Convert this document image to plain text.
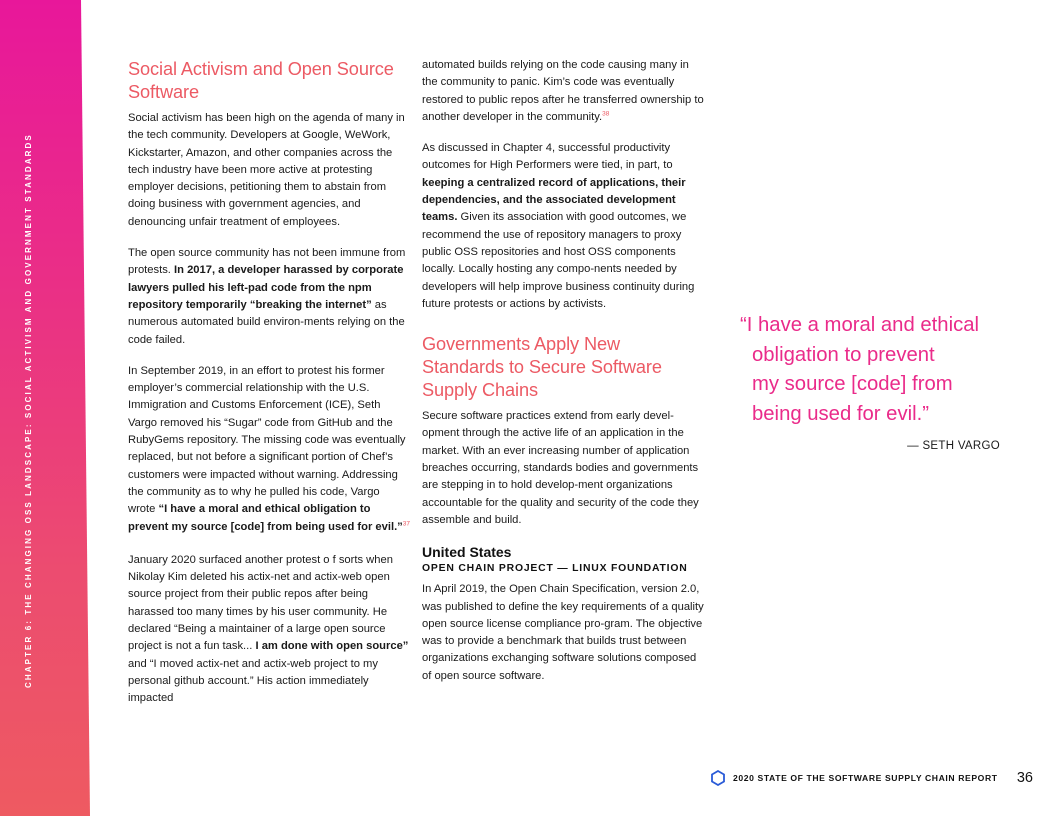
CHAPTER 6: THE CHANGING OSS LANDSCAPE: SOCIAL ACTIVISM AND GOVERNMENT STANDARDS
Social Activism and Open Source Software

Social activism has been high on the agenda of many in the tech community. Developers at Google, WeWork, Kickstarter, Amazon, and other companies across the tech industry have been more active at protesting employer decisions, petitioning them to abstain from doing business with government agencies, and denouncing unfair treatment of employees.

The open source community has not been immune from protests. In 2017, a developer harassed by corporate lawyers pulled his left-pad code from the npm repository temporarily “breaking the internet” as numerous automated build environ-ments relying on the code failed.

In September 2019, in an effort to protest his former employer’s commercial relationship with the U.S. Immigration and Customs Enforcement (ICE), Seth Vargo removed his “Sugar” code from GitHub and the RubyGems repository. The missing code was eventually replaced, but not before a significant portion of Chef’s customers were impacted without warning. Addressing the community as to why he pulled his code, Vargo wrote “I have a moral and ethical obligation to prevent my source [code] from being used for evil.”$^{37}$

January 2020 surfaced another protest o f sorts when Nikolay Kim deleted his actix-net and actix-web open source project from their public repos after being harassed too many times by his user community. He declared “Being a maintainer of a large open source project is not a fun task... I am done with open source” and “I moved actix-net and actix-web project to my personal github account.” His action immediately impacted

automated builds relying on the code causing many in the community to panic. Kim’s code was eventually restored to public repos after he transferred ownership to another developer in the community.$^{38}$

As discussed in Chapter 4, successful productivity outcomes for High Performers were tied, in part, to keeping a centralized record of applications, their dependencies, and the associated development teams. Given its association with good outcomes, we recommend the use of repository managers to proxy public OSS repositories and host OSS components locally. Locally hosting any compo-nents needed by developers will help improve business continuity during future protests or actions by activists.

Governments Apply New Standards to Secure Software Supply Chains

Secure software practices extend from early devel-opment through the active life of an application in the market. With an ever increasing number of application breaches occurring, standards bodies and governments are stepping in to hold develop-ment organizations accountable for the quality and security of the code they assemble and build.

United States
OPEN CHAIN PROJECT — LINUX FOUNDATION

In April 2019, the Open Chain Specification, version 2.0, was published to define the key requirements of a quality open source license compliance pro-gram. The objective was to provide a benchmark that builds trust between organizations exchanging software solutions composed of open source software.

“I have a moral and ethical
obligation to prevent
my source [code] from
being used for evil.”
— SETH VARGO
2020 STATE OF THE SOFTWARE SUPPLY CHAIN REPORT 36
